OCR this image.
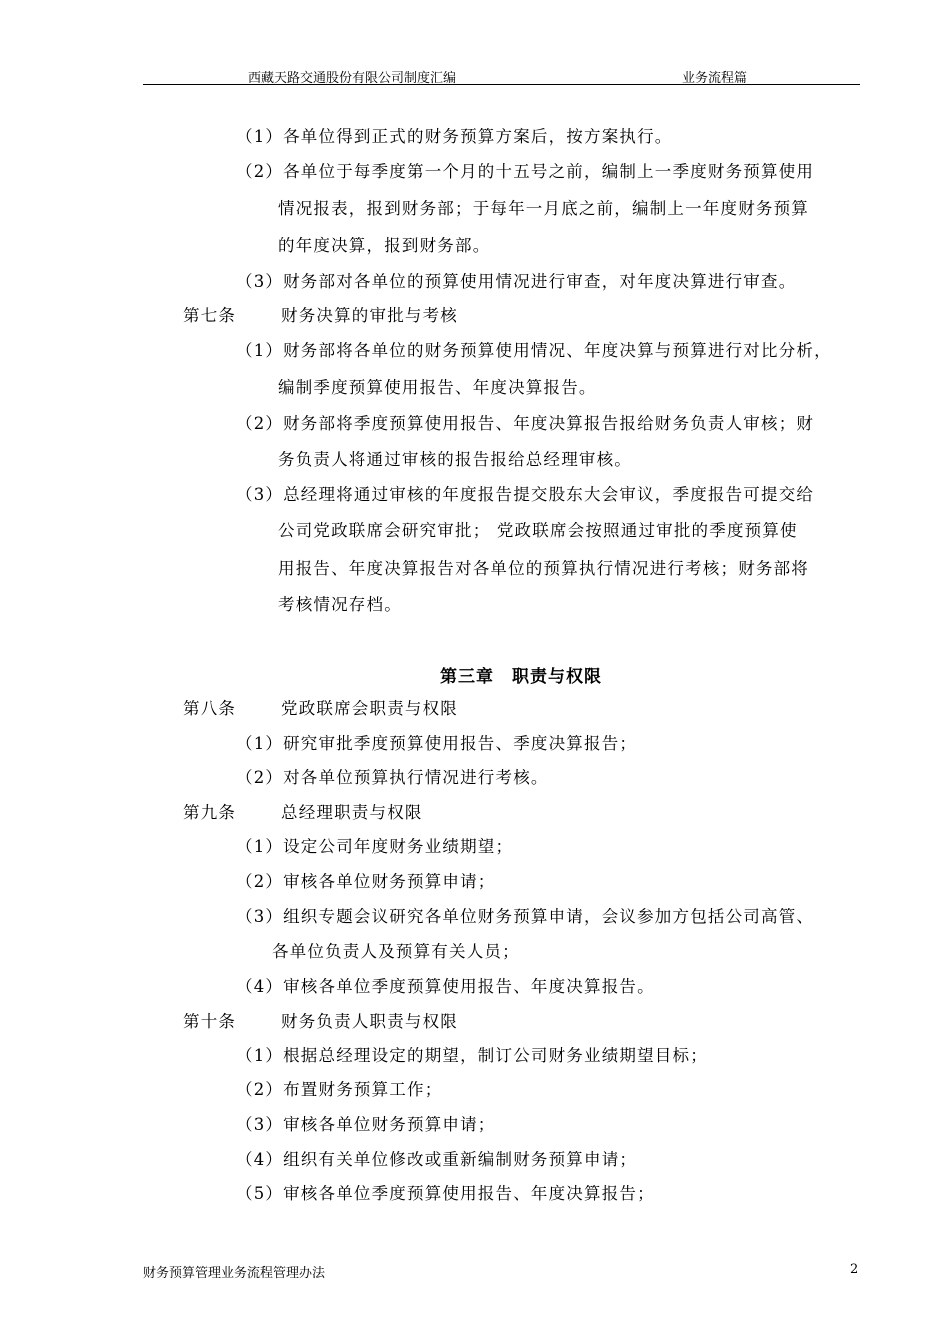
西藏天路交通股份有限公司制度汇编	业务流程篇
（1）各单位得到正式的财务预算方案后，按方案执行。
（2）各单位于每季度第一个月的十五号之前，编制上一季度财务预算使用
情况报表，报到财务部；于每年一月底之前，编制上一年度财务预算
的年度决算，报到财务部。
（3）财务部对各单位的预算使用情况进行审查，对年度决算进行审查。
第七条	财务决算的审批与考核
（1）财务部将各单位的财务预算使用情况、年度决算与预算进行对比分析，
编制季度预算使用报告、年度决算报告。
（2）财务部将季度预算使用报告、年度决算报告报给财务负责人审核；财
务负责人将通过审核的报告报给总经理审核。
（3）总经理将通过审核的年度报告提交股东大会审议，季度报告可提交给
公司党政联席会研究审批； 党政联席会按照通过审批的季度预算使
用报告、年度决算报告对各单位的预算执行情况进行考核；财务部将
考核情况存档。
第三章　职责与权限
第八条	党政联席会职责与权限
（1）研究审批季度预算使用报告、季度决算报告；
（2）对各单位预算执行情况进行考核。
第九条	总经理职责与权限
（1）设定公司年度财务业绩期望；
（2）审核各单位财务预算申请；
（3）组织专题会议研究各单位财务预算申请，会议参加方包括公司高管、
各单位负责人及预算有关人员；
（4）审核各单位季度预算使用报告、年度决算报告。
第十条	财务负责人职责与权限
（1）根据总经理设定的期望，制订公司财务业绩期望目标；
（2）布置财务预算工作；
（3）审核各单位财务预算申请；
（4）组织有关单位修改或重新编制财务预算申请；
（5）审核各单位季度预算使用报告、年度决算报告；
财务预算管理业务流程管理办法	2
